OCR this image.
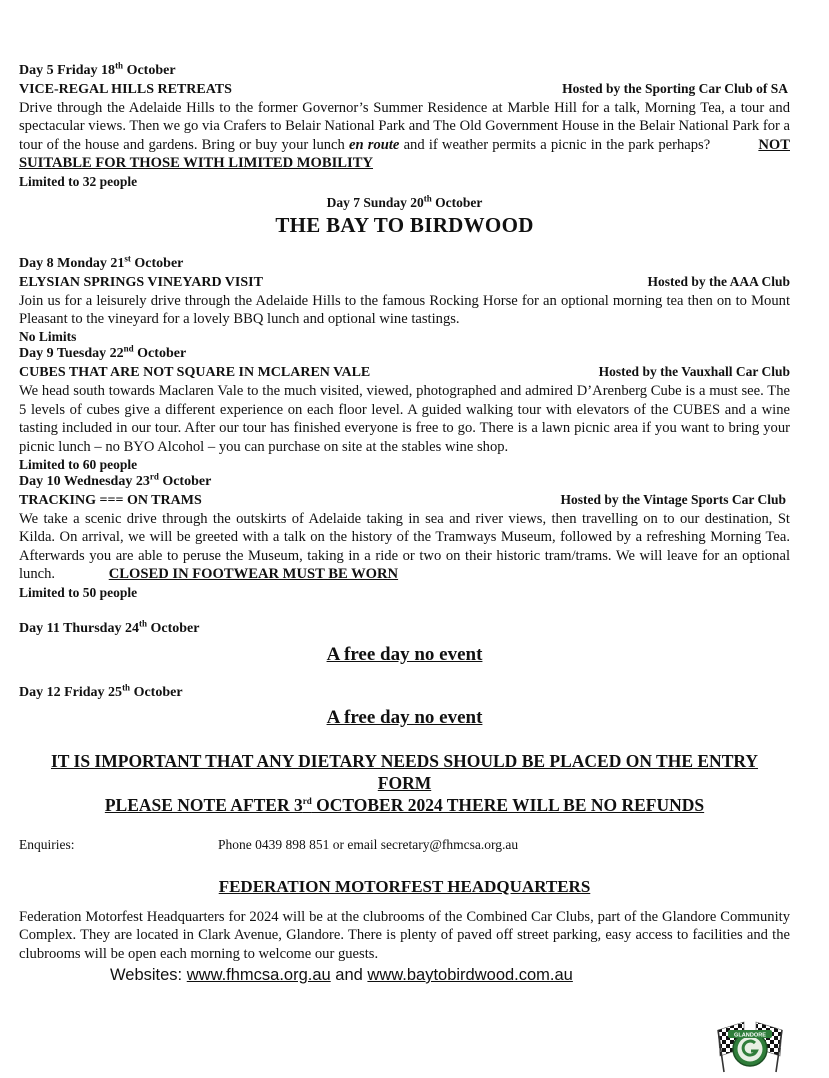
Day 5 Friday 18th October
VICE-REGAL HILLS RETREATS	Hosted by the Sporting Car Club of SA
Drive through the Adelaide Hills to the former Governor’s Summer Residence at Marble Hill for a talk, Morning Tea, a tour and spectacular views. Then we go via Crafers to Belair National Park and The Old Government House in the Belair National Park for a tour of the house and gardens. Bring or buy your lunch en route and if weather permits a picnic in the park perhaps?	NOT SUITABLE FOR THOSE WITH LIMITED MOBILITY
Limited to 32 people
Day 7 Sunday 20th October
THE BAY TO BIRDWOOD
Day 8 Monday 21st October
ELYSIAN SPRINGS VINEYARD VISIT	Hosted by the AAA Club
Join us for a leisurely drive through the Adelaide Hills to the famous Rocking Horse for an optional morning tea then on to Mount Pleasant to the vineyard for a lovely BBQ lunch and optional wine tastings.
No Limits
Day 9 Tuesday 22nd October
CUBES THAT ARE NOT SQUARE IN MCLAREN VALE	Hosted by the Vauxhall Car Club
We head south towards Maclaren Vale to the much visited, viewed, photographed and admired D’Arenberg Cube is a must see. The 5 levels of cubes give a different experience on each floor level. A guided walking tour with elevators of the CUBES and a wine tasting included in our tour. After our tour has finished everyone is free to go. There is a lawn picnic area if you want to bring your picnic lunch – no BYO Alcohol – you can purchase on site at the stables wine shop.
Limited to 60 people
Day 10 Wednesday 23rd October
TRACKING === ON TRAMS	Hosted by the Vintage Sports Car Club
We take a scenic drive through the outskirts of Adelaide taking in sea and river views, then travelling on to our destination, St Kilda. On arrival, we will be greeted with a talk on the history of the Tramways Museum, followed by a refreshing Morning Tea. Afterwards you are able to peruse the Museum, taking in a ride or two on their historic tram/trams. We will leave for an optional lunch.	CLOSED IN FOOTWEAR MUST BE WORN
Limited to 50 people
Day 11 Thursday 24th October
A free day no event
Day 12 Friday 25th October
A free day no event
IT IS IMPORTANT THAT ANY DIETARY NEEDS SHOULD BE PLACED ON THE ENTRY FORM
PLEASE NOTE AFTER 3rd OCTOBER 2024 THERE WILL BE NO REFUNDS
Enquiries:	Phone 0439 898 851 or email secretary@fhmcsa.org.au
FEDERATION MOTORFEST HEADQUARTERS
Federation Motorfest Headquarters for 2024 will be at the clubrooms of the Combined Car Clubs, part of the Glandore Community Complex. They are located in Clark Avenue, Glandore. There is plenty of paved off street parking, easy access to facilities and the clubrooms will be open each morning to welcome our guests.
Websites: www.fhmcsa.org.au and www.baytobirdwood.com.au
GLANDORE
